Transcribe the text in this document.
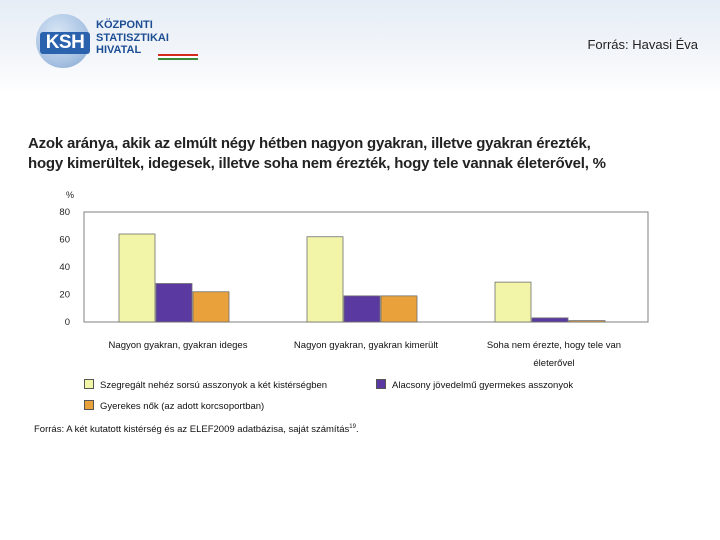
KSH
KÖZPONTI
STATISZTIKAI
HIVATAL	Forrás: Havasi Éva
Azok aránya, akik az elmúlt négy hétben nagyon gyakran, illetve gyakran érezték,
hogy kimerültek, idegesek, illetve soha nem érezték, hogy tele vannak életerővel, %
%
0
20
40
60
80
Nagyon gyakran, gyakran ideges	Nagyon gyakran, gyakran kimerült	Soha nem érezte, hogy tele van
életerővel
Szegregált nehéz sorsú asszonyok a két kistérségben	Alacsony jövedelmű gyermekes asszonyok
Gyerekes nők (az adott korcsoportban)
Forrás: A két kutatott kistérség és az ELEF2009 adatbázisa, saját számítás$^{19}$.
